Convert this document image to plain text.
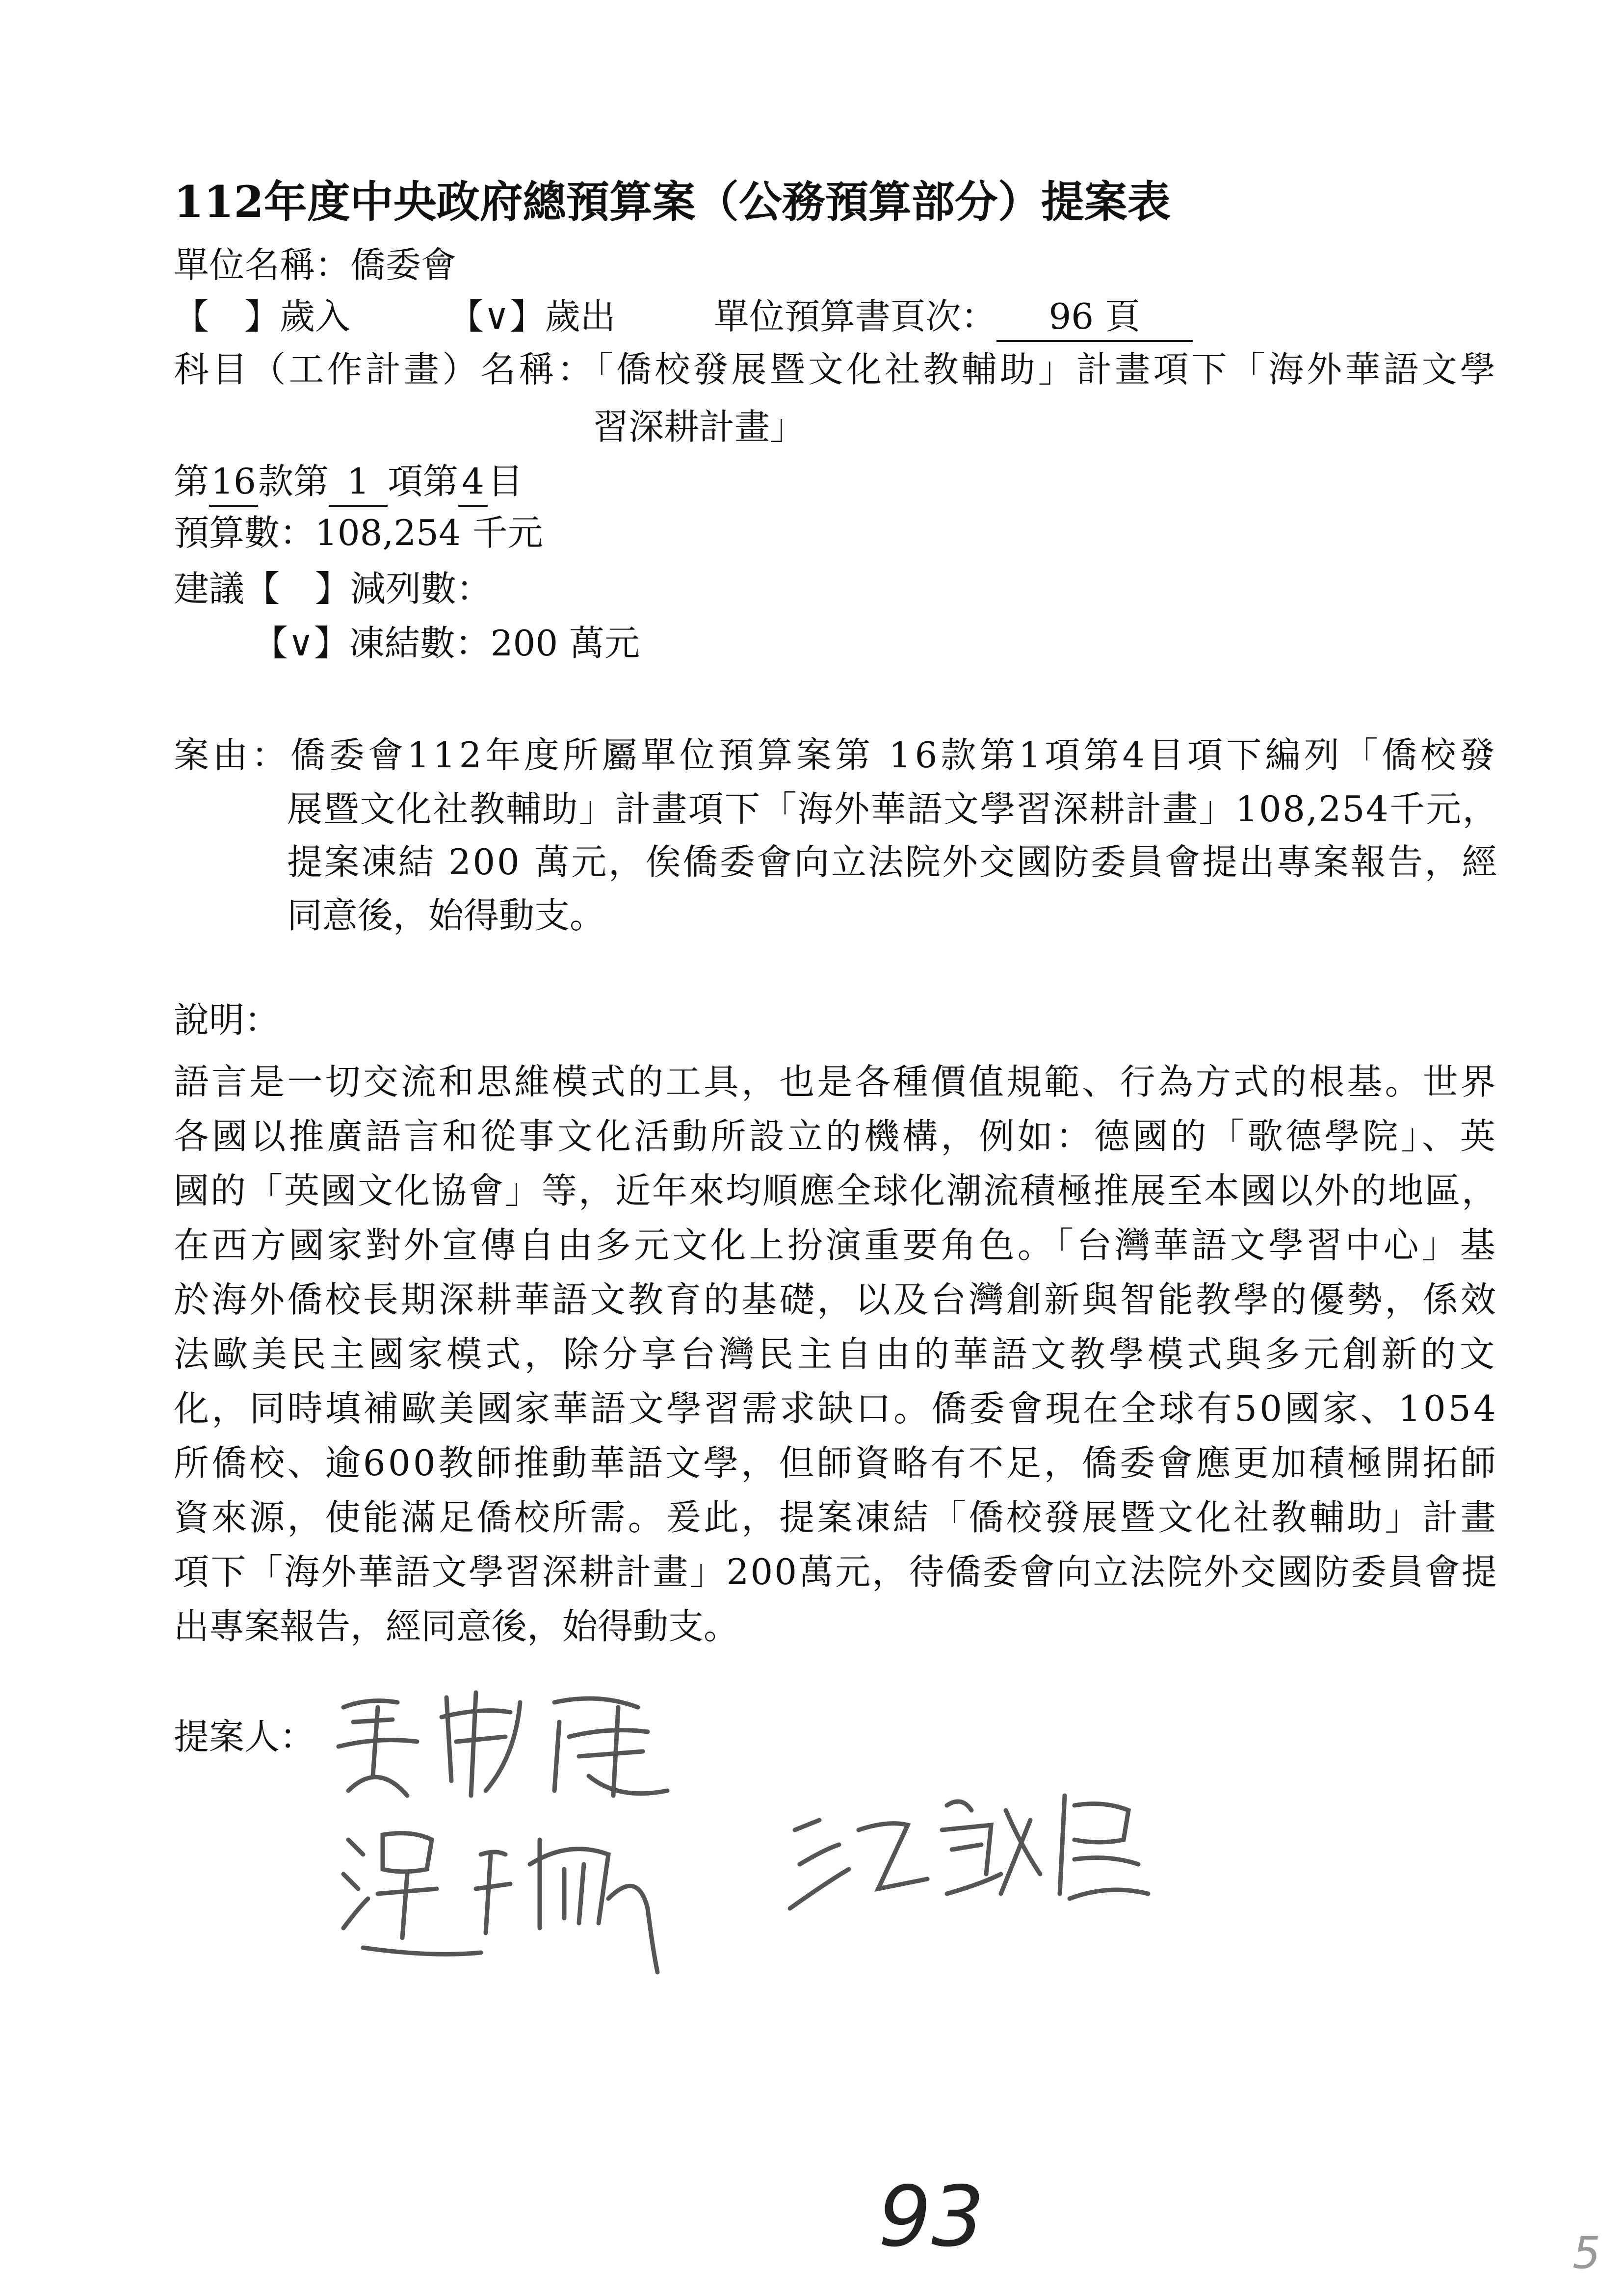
112年度中央政府總預算案（公務預算部分）提案表
單位名稱：僑委會
【　】歲入	【∨】歲出	單位預算書頁次： 96 頁
科目（工作計畫）名稱：「僑校發展暨文化社教輔助」計畫項下「海外華語文學
習深耕計畫」
第16款第 1 項第4目
預算數：108,254 千元
建議【　】減列數：
【∨】凍結數：200 萬元
案由：僑委會112年度所屬單位預算案第 16款第1項第4目項下編列「僑校發
展暨文化社教輔助」計畫項下「海外華語文學習深耕計畫」108,254千元，
提案凍結 200 萬元，俟僑委會向立法院外交國防委員會提出專案報告，經
同意後，始得動支。
說明：
語言是一切交流和思維模式的工具，也是各種價值規範、行為方式的根基。世界
各國以推廣語言和從事文化活動所設立的機構，例如：德國的「歌德學院」、英
國的「英國文化協會」等，近年來均順應全球化潮流積極推展至本國以外的地區，
在西方國家對外宣傳自由多元文化上扮演重要角色。「台灣華語文學習中心」基
於海外僑校長期深耕華語文教育的基礎，以及台灣創新與智能教學的優勢，係效
法歐美民主國家模式，除分享台灣民主自由的華語文教學模式與多元創新的文
化，同時填補歐美國家華語文學習需求缺口。僑委會現在全球有50國家、1054
所僑校、逾600教師推動華語文學，但師資略有不足，僑委會應更加積極開拓師
資來源，使能滿足僑校所需。爰此，提案凍結「僑校發展暨文化社教輔助」計畫
項下「海外華語文學習深耕計畫」200萬元，待僑委會向立法院外交國防委員會提
出專案報告，經同意後，始得動支。
提案人：
93	5
